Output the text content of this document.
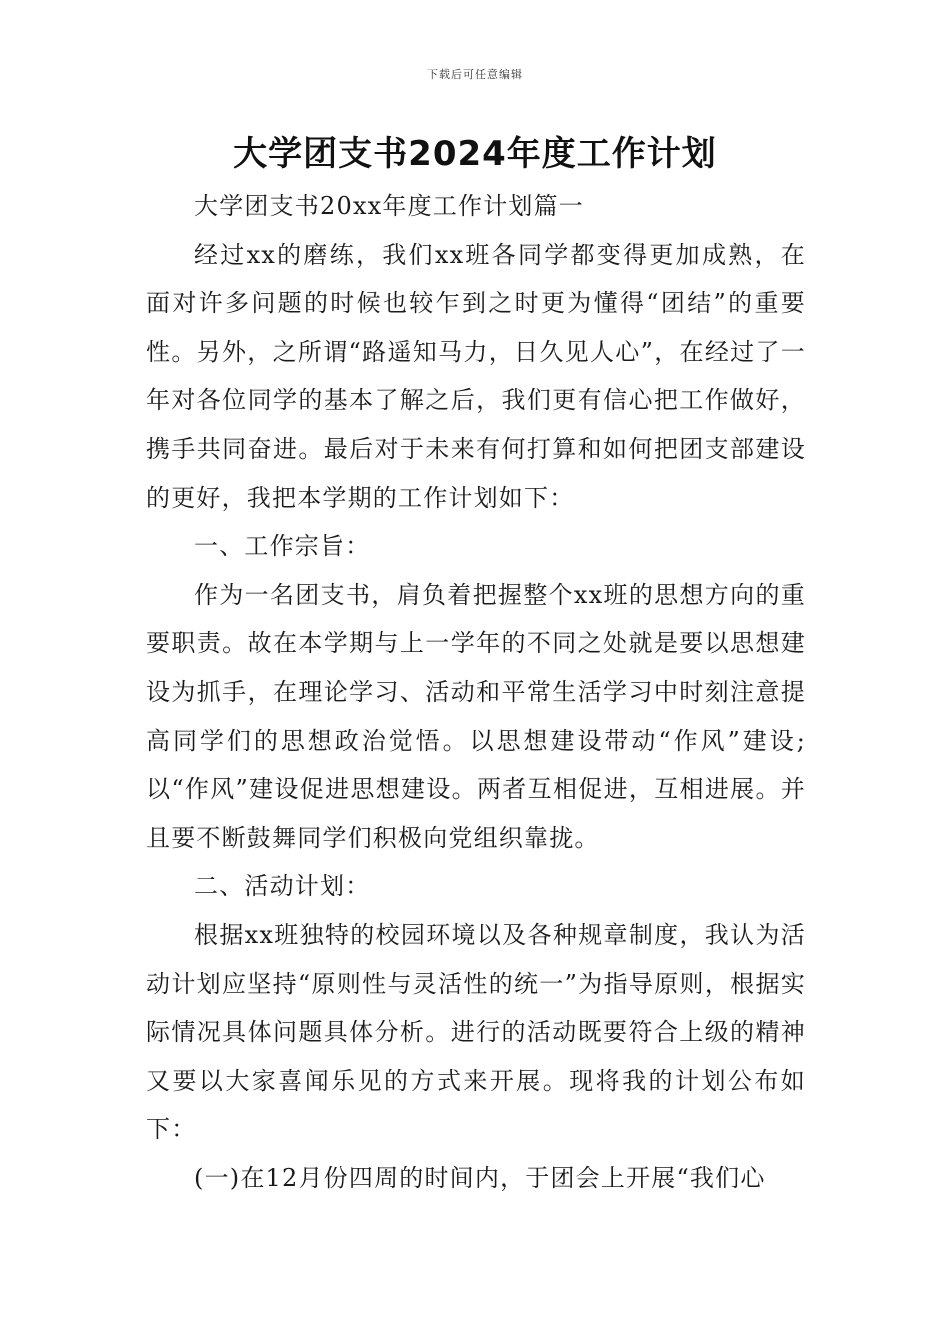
下载后可任意编辑
大学团支书2024年度工作计划

大学团支书20xx年度工作计划篇一

经过xx的磨练，我们xx班各同学都变得更加成熟，在面对许多问题的时候也较乍到之时更为懂得“团结”的重要性。另外，之所谓“路遥知马力，日久见人心”，在经过了一年对各位同学的基本了解之后，我们更有信心把工作做好，携手共同奋进。最后对于未来有何打算和如何把团支部建设的更好，我把本学期的工作计划如下：

一、工作宗旨：

作为一名团支书，肩负着把握整个xx班的思想方向的重要职责。故在本学期与上一学年的不同之处就是要以思想建设为抓手，在理论学习、活动和平常生活学习中时刻注意提高同学们的思想政治觉悟。以思想建设带动“作风”建设;以“作风”建设促进思想建设。两者互相促进，互相进展。并且要不断鼓舞同学们积极向党组织靠拢。

二、活动计划：

根据xx班独特的校园环境以及各种规章制度，我认为活动计划应坚持“原则性与灵活性的统一”为指导原则，根据实际情况具体问题具体分析。进行的活动既要符合上级的精神又要以大家喜闻乐见的方式来开展。现将我的计划公布如下：

(一)在12月份四周的时间内，于团会上开展“我们心
